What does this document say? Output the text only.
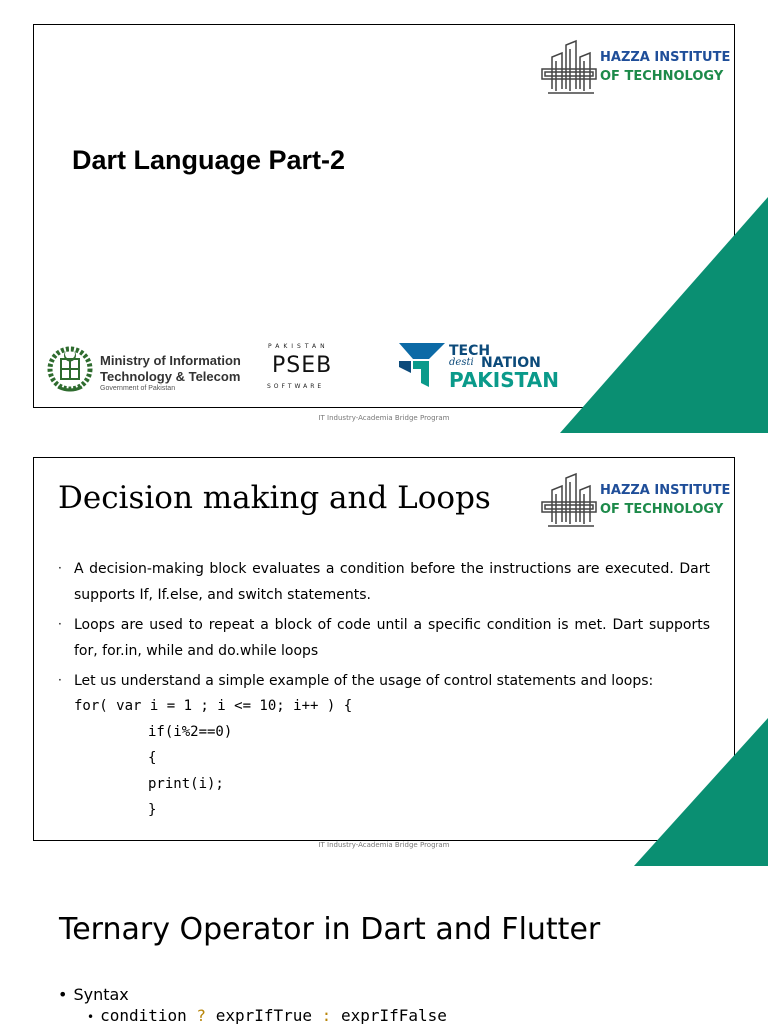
HAZZA INSTITUTE
OF TECHNOLOGY
Dart Language Part-2
Ministry of Information
Technology & Telecom
Government of Pakistan
PAKISTAN
PSEB
SOFTWARE
TECH
desti NATION
PAKISTAN
IT Industry-Academia Bridge Program
HAZZA INSTITUTE
OF TECHNOLOGY
Decision making and Loops
· A decision-making block evaluates a condition before the instructions are executed. Dart supports If, If.else, and switch statements.
· Loops are used to repeat a block of code until a specific condition is met. Dart supports for, for.in, while and do.while loops
· Let us understand a simple example of the usage of control statements and loops:
for( var i = 1 ; i <= 10; i++ ) {
if(i%2==0)
{
print(i);
}
IT Industry-Academia Bridge Program
Ternary Operator in Dart and Flutter
• Syntax
• condition ? exprIfTrue : exprIfFalse
